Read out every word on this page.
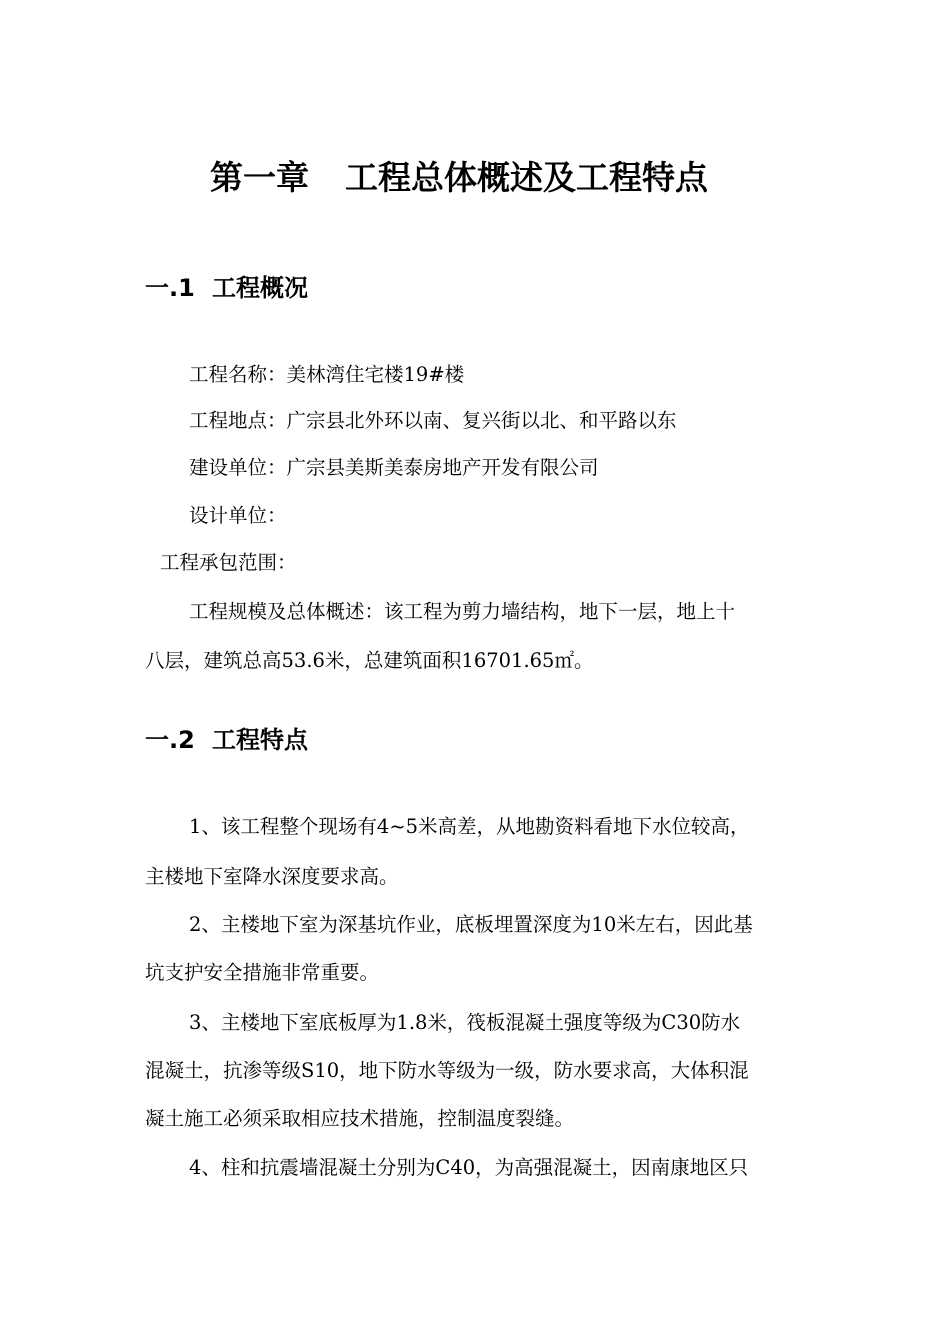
第一章 工程总体概述及工程特点
一.1 工程概况

工程名称：美林湾住宅楼19#楼

工程地点：广宗县北外环以南、复兴街以北、和平路以东

建设单位：广宗县美斯美泰房地产开发有限公司

设计单位：

工程承包范围：

工程规模及总体概述：该工程为剪力墙结构，地下一层，地上十

八层，建筑总高53.6米，总建筑面积16701.65㎡。

一.2 工程特点

1、该工程整个现场有4~5米高差，从地勘资料看地下水位较高，

主楼地下室降水深度要求高。

2、主楼地下室为深基坑作业，底板埋置深度为10米左右，因此基

坑支护安全措施非常重要。

3、主楼地下室底板厚为1.8米，筏板混凝土强度等级为C30防水

混凝土，抗渗等级S10，地下防水等级为一级，防水要求高，大体积混

凝土施工必须采取相应技术措施，控制温度裂缝。

4、柱和抗震墙混凝土分别为C40，为高强混凝土，因南康地区只
